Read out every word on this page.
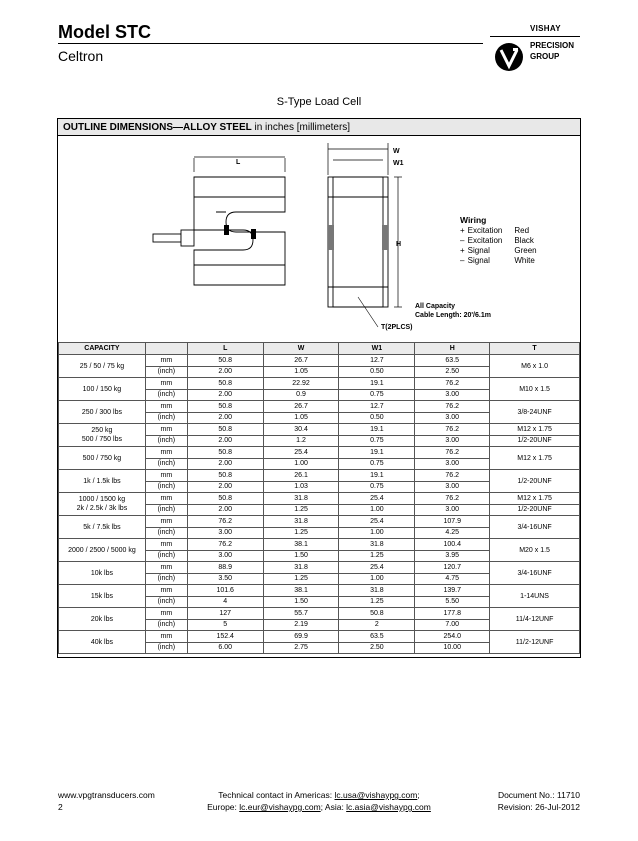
Model STC
Celtron
VISHAY
PRECISION
GROUP
S-Type Load Cell
OUTLINE DIMENSIONS—ALLOY STEEL in inches [millimeters]
L
W
W1
H
T(2PLCS)
Wiring
+	Excitation	Red
–	Excitation	Black
+	Signal	Green
–	Signal	White
All Capacity
Cable Length: 20'/6.1m
CAPACITY		L	W	W1	H	T

25 / 50 / 75 kg	mm	50.8	26.7	12.7	63.5	M6 x 1.0
	(inch)	2.00	1.05	0.50	2.50	

100 / 150 kg	mm	50.8	22.92	19.1	76.2	M10 x 1.5
	(inch)	2.00	0.9	0.75	3.00	

250 / 300 lbs	mm	50.8	26.7	12.7	76.2	3/8-24UNF
	(inch)	2.00	1.05	0.50	3.00	

250 kg
500 / 750 lbs	mm	50.8	30.4	19.1	76.2	M12 x 1.75
	(inch)	2.00	1.2	0.75	3.00	1/2-20UNF

500 / 750 kg	mm	50.8	25.4	19.1	76.2	M12 x 1.75
	(inch)	2.00	1.00	0.75	3.00	

1k / 1.5k lbs	mm	50.8	26.1	19.1	76.2	1/2-20UNF
	(inch)	2.00	1.03	0.75	3.00	

1000 / 1500 kg
2k / 2.5k / 3k lbs	mm	50.8	31.8	25.4	76.2	M12 x 1.75
	(inch)	2.00	1.25	1.00	3.00	1/2-20UNF

5k / 7.5k lbs	mm	76.2	31.8	25.4	107.9	3/4-16UNF
	(inch)	3.00	1.25	1.00	4.25	

2000 / 2500 / 5000 kg	mm	76.2	38.1	31.8	100.4	M20 x 1.5
	(inch)	3.00	1.50	1.25	3.95	

10k lbs	mm	88.9	31.8	25.4	120.7	3/4-16UNF
	(inch)	3.50	1.25	1.00	4.75	

15k lbs	mm	101.6	38.1	31.8	139.7	1-14UNS
	(inch)	4	1.50	1.25	5.50	

20k lbs	mm	127	55.7	50.8	177.8	11/4-12UNF
	(inch)	5	2.19	2	7.00	

40k lbs	mm	152.4	69.9	63.5	254.0	11/2-12UNF
	(inch)	6.00	2.75	2.50	10.00	
www.vpgtransducers.com
2
Technical contact in Americas: lc.usa@vishaypg.com;
Europe: lc.eur@vishaypg.com; Asia: lc.asia@vishaypg.com
Document No.: 11710
Revision: 26-Jul-2012
